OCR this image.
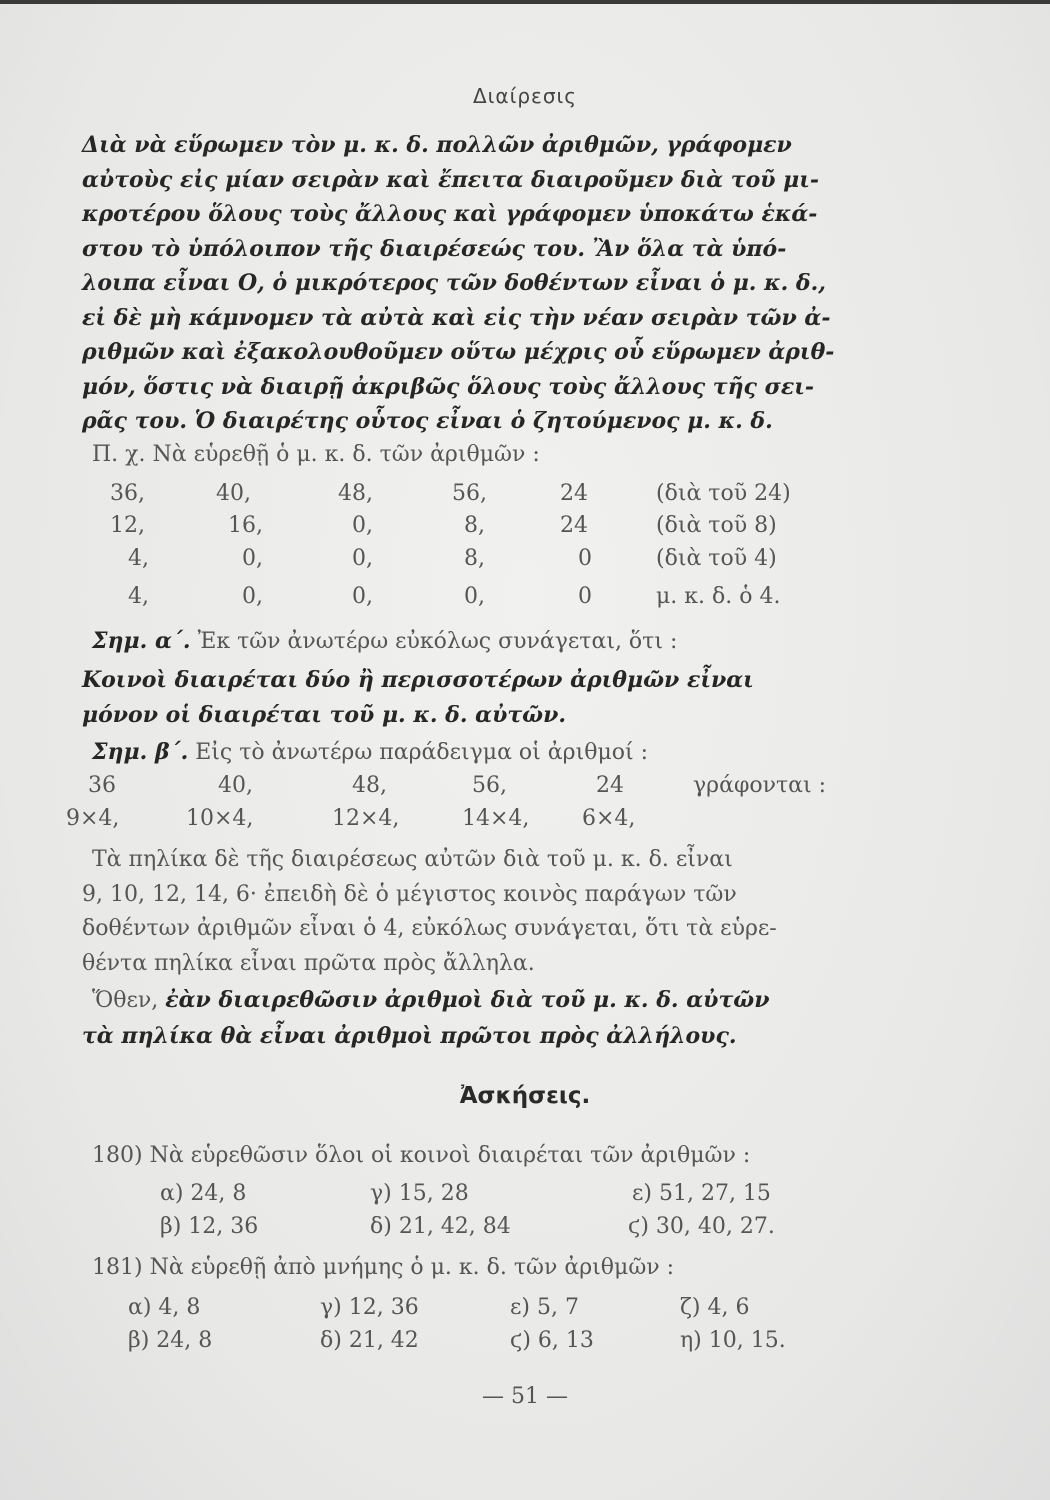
Διαίρεσις
Διὰ νὰ εὕρωμεν τὸν μ. κ. δ. πολλῶν ἀριθμῶν, γράφομεν
αὐτοὺς εἰς μίαν σειρὰν καὶ ἔπειτα διαιροῦμεν διὰ τοῦ μι-
κροτέρου ὅλους τοὺς ἄλλους καὶ γράφομεν ὑποκάτω ἑκά-
στου τὸ ὑπόλοιπον τῆς διαιρέσεώς του. Ἂν ὅλα τὰ ὑπό-
λοιπα εἶναι Ο, ὁ μικρότερος τῶν δοθέντων εἶναι ὁ μ. κ. δ.,
εἰ δὲ μὴ κάμνομεν τὰ αὐτὰ καὶ εἰς τὴν νέαν σειρὰν τῶν ἀ-
ριθμῶν καὶ ἐξακολουθοῦμεν οὕτω μέχρις οὗ εὕρωμεν ἀριθ-
μόν, ὅστις νὰ διαιρῇ ἀκριβῶς ὅλους τοὺς ἄλλους τῆς σει-
ρᾶς του. Ὁ διαιρέτης οὗτος εἶναι ὁ ζητούμενος μ. κ. δ.
Π. χ. Νὰ εὑρεθῇ ὁ μ. κ. δ. τῶν ἀριθμῶν :
36,	40,	48,	56,	24	(διὰ τοῦ 24)
12,	16,	0,	8,	24	(διὰ τοῦ 8)
4,	0,	0,	8,	0	(διὰ τοῦ 4)
4,	0,	0,	0,	0	μ. κ. δ. ὁ 4.
Σημ. α΄. Ἐκ τῶν ἀνωτέρω εὐκόλως συνάγεται, ὅτι :
Κοινοὶ διαιρέται δύο ἢ περισσοτέρων ἀριθμῶν εἶναι
μόνον οἱ διαιρέται τοῦ μ. κ. δ. αὐτῶν.
Σημ. β΄. Εἰς τὸ ἀνωτέρω παράδειγμα οἱ ἀριθμοί :
36	40,	48,	56,	24	γράφονται :
9×4,	10×4,	12×4,	14×4, 6×4,
Τὰ πηλίκα δὲ τῆς διαιρέσεως αὐτῶν διὰ τοῦ μ. κ. δ. εἶναι
9, 10, 12, 14, 6· ἐπειδὴ δὲ ὁ μέγιστος κοινὸς παράγων τῶν
δοθέντων ἀριθμῶν εἶναι ὁ 4, εὐκόλως συνάγεται, ὅτι τὰ εὑρε-
θέντα πηλίκα εἶναι πρῶτα πρὸς ἄλληλα.
Ὅθεν, ἐὰν διαιρεθῶσιν ἀριθμοὶ διὰ τοῦ μ. κ. δ. αὐτῶν
τὰ πηλίκα θὰ εἶναι ἀριθμοὶ πρῶτοι πρὸς ἀλλήλους.
Ἀσκήσεις.
180) Νὰ εὑρεθῶσιν ὅλοι οἱ κοινοὶ διαιρέται τῶν ἀριθμῶν :
α) 24, 8	γ) 15, 28	ε) 51, 27, 15
β) 12, 36	δ) 21, 42, 84	ϛ) 30, 40, 27.
181) Νὰ εὑρεθῇ ἀπὸ μνήμης ὁ μ. κ. δ. τῶν ἀριθμῶν :
α) 4, 8	γ) 12, 36	ε) 5, 7	ζ) 4, 6
β) 24, 8	δ) 21, 42	ϛ) 6, 13	η) 10, 15.
— 51 —
